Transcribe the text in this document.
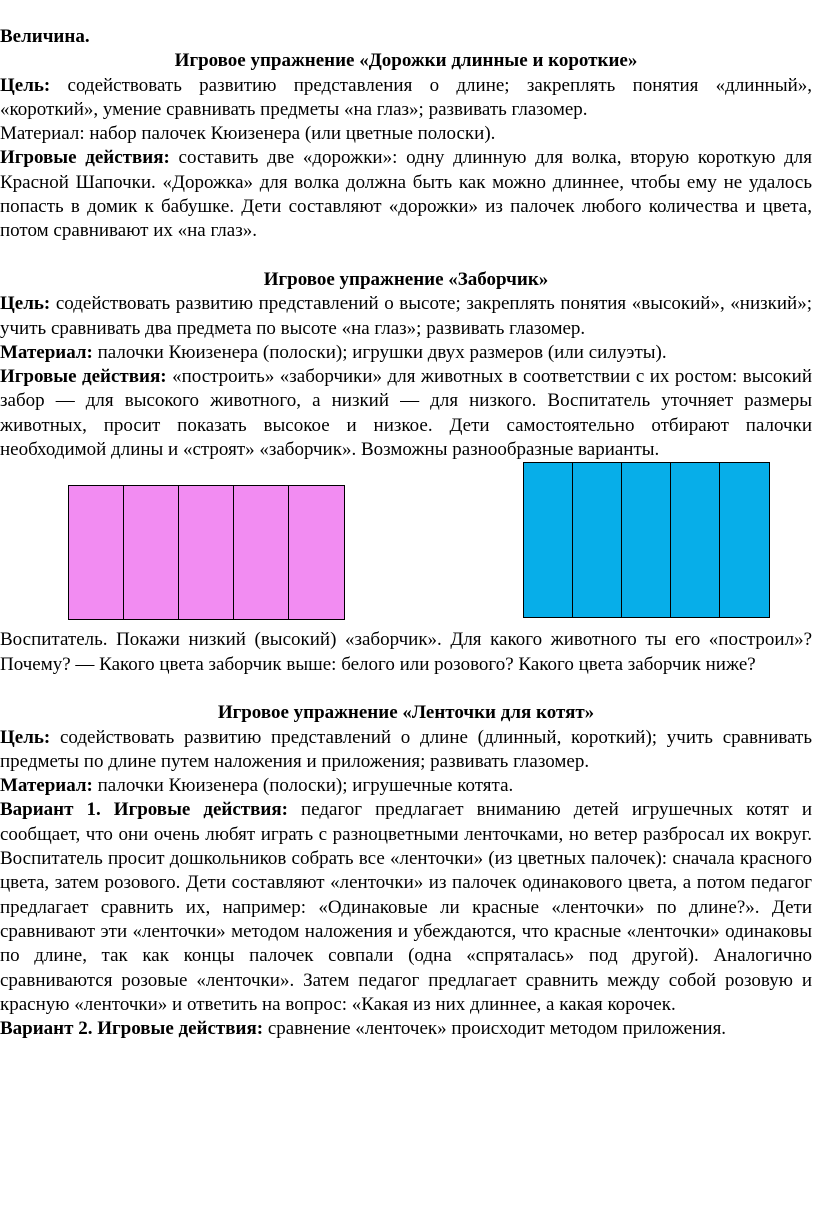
Величина.

Игровое упражнение «Дорожки длинные и короткие»

Цель: содействовать развитию представления о длине; закреплять понятия «длинный», «короткий», умение сравнивать предметы «на глаз»; развивать глазомер.

Материал: набор палочек Кюизенера (или цветные полоски).

Игровые действия: составить две «дорожки»: одну длинную для волка, вторую короткую для Красной Шапочки. «Дорожка» для волка должна быть как можно длиннее, чтобы ему не удалось попасть в домик к бабушке. Дети составляют «дорожки» из палочек любого количества и цвета, потом сравнивают их «на глаз».

Игровое упражнение «Заборчик»

Цель: содействовать развитию представлений о высоте; закреплять понятия «высокий», «низкий»; учить сравнивать два предмета по высоте «на глаз»; развивать глазомер.

Материал: палочки Кюизенера (полоски); игрушки двух размеров (или силуэты).

Игровые действия: «построить» «заборчики» для животных в соответствии с их ростом: высокий забор — для высокого животного, а низкий — для низкого. Воспитатель уточняет размеры животных, просит показать высокое и низкое. Дети самостоятельно отбирают палочки необходимой длины и «строят» «заборчик». Возможны разнообразные варианты.

Воспитатель. Покажи низкий (высокий) «заборчик». Для какого животного ты его «построил»? Почему? — Какого цвета заборчик выше: белого или розового? Какого цвета заборчик ниже?

Игровое упражнение «Ленточки для котят»

Цель: содействовать развитию представлений о длине (длинный, короткий); учить сравнивать предметы по длине путем наложения и приложения; развивать глазомер.

Материал: палочки Кюизенера (полоски); игрушечные котята.

Вариант 1. Игровые действия: педагог предлагает вниманию детей игрушечных котят и сообщает, что они очень любят играть с разноцветными ленточками, но ветер разбросал их вокруг. Воспитатель просит дошкольников собрать все «ленточки» (из цветных палочек): сначала красного цвета, затем розового. Дети составляют «ленточки» из палочек одинакового цвета, а потом педагог предлагает сравнить их, например: «Одинаковые ли красные «ленточки» по длине?». Дети сравнивают эти «ленточки» методом наложения и убеждаются, что красные «ленточки» одинаковы по длине, так как концы палочек совпали (одна «спряталась» под другой). Аналогично сравниваются розовые «ленточки». Затем педагог предлагает сравнить между собой розовую и красную «ленточки» и ответить на вопрос: «Какая из них длиннее, а какая корочек.

Вариант 2. Игровые действия: сравнение «ленточек» происходит методом приложения.
